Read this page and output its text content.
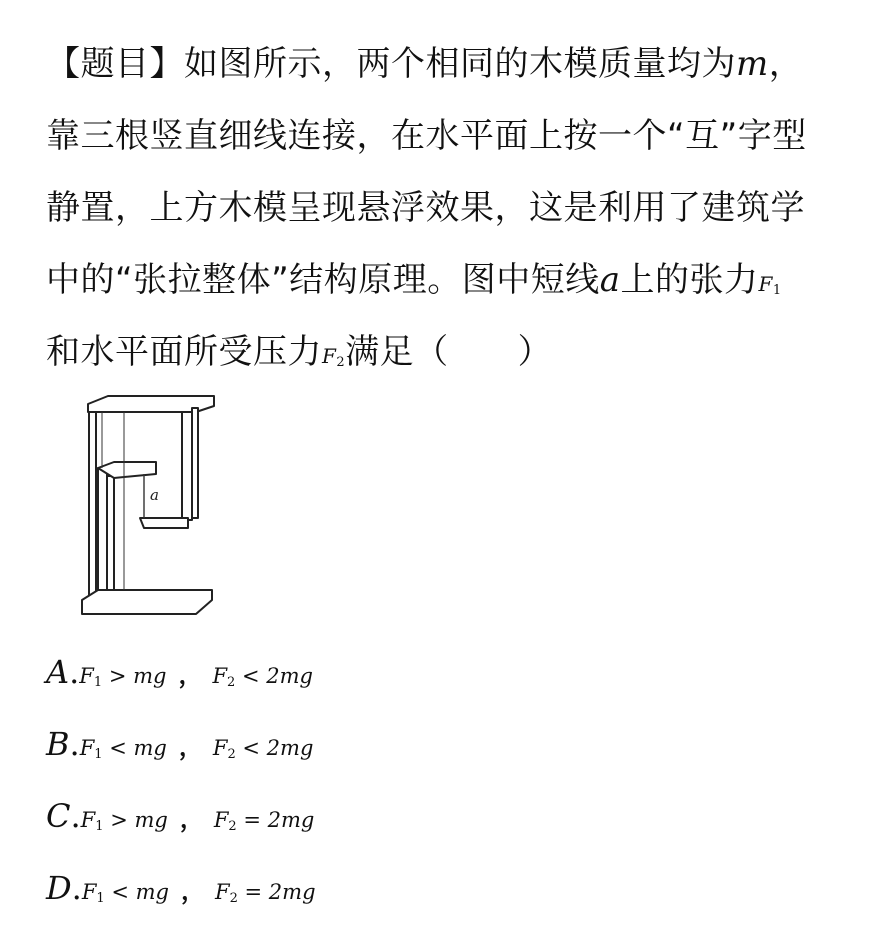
【题目】如图所示，两个相同的木模质量均为m，
靠三根竖直细线连接，在水平面上按一个“互”字型
静置，上方木模呈现悬浮效果，这是利用了建筑学
中的“张拉整体”结构原理。图中短线a上的张力$F_1$
和水平面所受压力$F_2$满足（　　）
a
$A.F_1$ > mg ， $F_2 < 2mg$
$B.F_1$ < mg ， $F_2 < 2mg$
$C.F_1$ > mg ， $F_2 = 2mg$
$D.F_1$ < mg ， $F_2 = 2mg$
